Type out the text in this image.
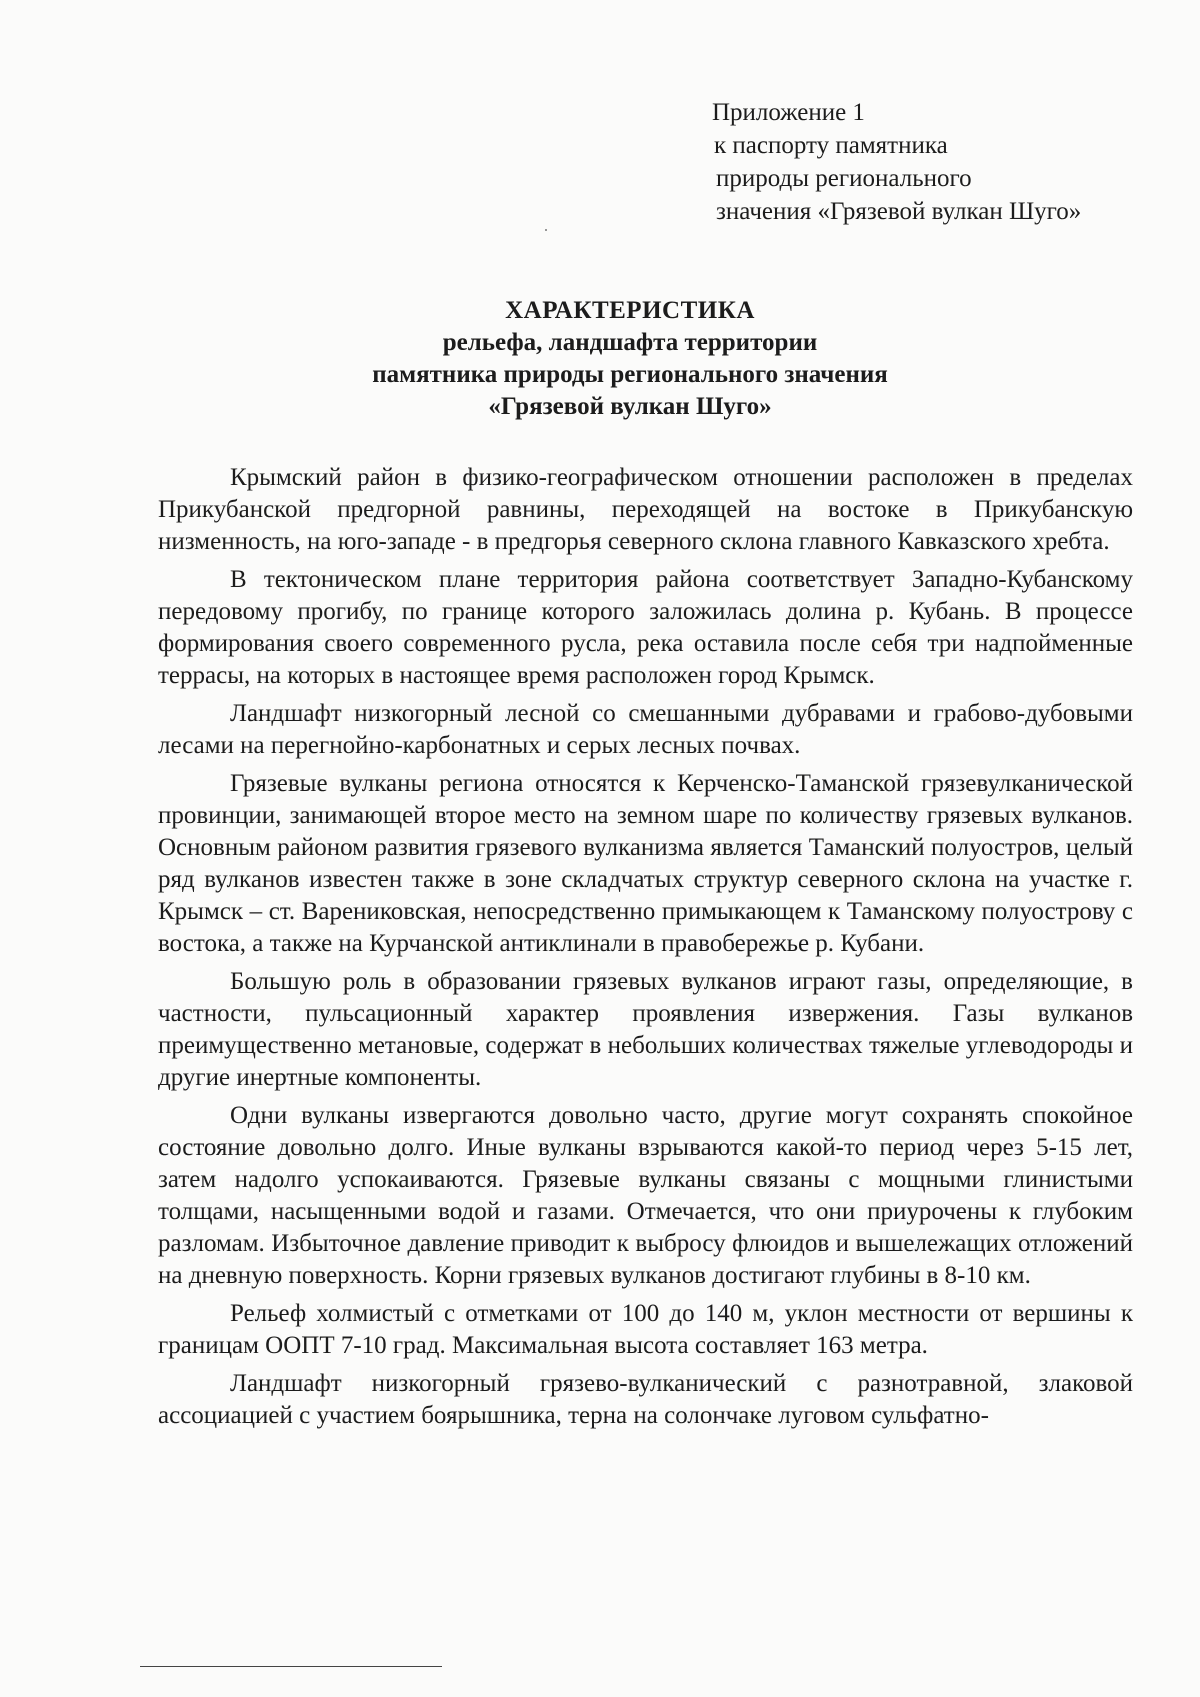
Приложение 1
к паспорту памятника
природы регионального
значения «Грязевой вулкан Шуго»
ХАРАКТЕРИСТИКА
рельефа, ландшафта территории
памятника природы регионального значения
«Грязевой вулкан Шуго»

Крымский район в физико-географическом отношении расположен в пределах Прикубанской предгорной равнины, переходящей на востоке в Прикубанскую низменность, на юго-западе - в предгорья северного склона главного Кавказского хребта.

В тектоническом плане территория района соответствует Западно-Кубанскому передовому прогибу, по границе которого заложилась долина р. Кубань. В процессе формирования своего современного русла, река оставила после себя три надпойменные террасы, на которых в настоящее время расположен город Крымск.

Ландшафт низкогорный лесной со смешанными дубравами и грабово-дубовыми лесами на перегнойно-карбонатных и серых лесных почвах.

Грязевые вулканы региона относятся к Керченско-Таманской грязевулканической провинции, занимающей второе место на земном шаре по количеству грязевых вулканов. Основным районом развития грязевого вулканизма является Таманский полуостров, целый ряд вулканов известен также в зоне складчатых структур северного склона на участке г. Крымск – ст. Варениковская, непосредственно примыкающем к Таманскому полуострову с востока, а также на Курчанской антиклинали в правобережье р. Кубани.

Большую роль в образовании грязевых вулканов играют газы, определяющие, в частности, пульсационный характер проявления извержения. Газы вулканов преимущественно метановые, содержат в небольших количествах тяжелые углеводороды и другие инертные компоненты.

Одни вулканы извергаются довольно часто, другие могут сохранять спокойное состояние довольно долго. Иные вулканы взрываются какой-то период через 5-15 лет, затем надолго успокаиваются. Грязевые вулканы связаны с мощными глинистыми толщами, насыщенными водой и газами. Отмечается, что они приурочены к глубоким разломам. Избыточное давление приводит к выбросу флюидов и вышележащих отложений на дневную поверхность. Корни грязевых вулканов достигают глубины в 8-10 км.

Рельеф холмистый с отметками от 100 до 140 м, уклон местности от вершины к границам ООПТ 7-10 град. Максимальная высота составляет 163 метра.

Ландшафт низкогорный грязево-вулканический с разнотравной, злаковой ассоциацией с участием боярышника, терна на солончаке луговом сульфатно-
